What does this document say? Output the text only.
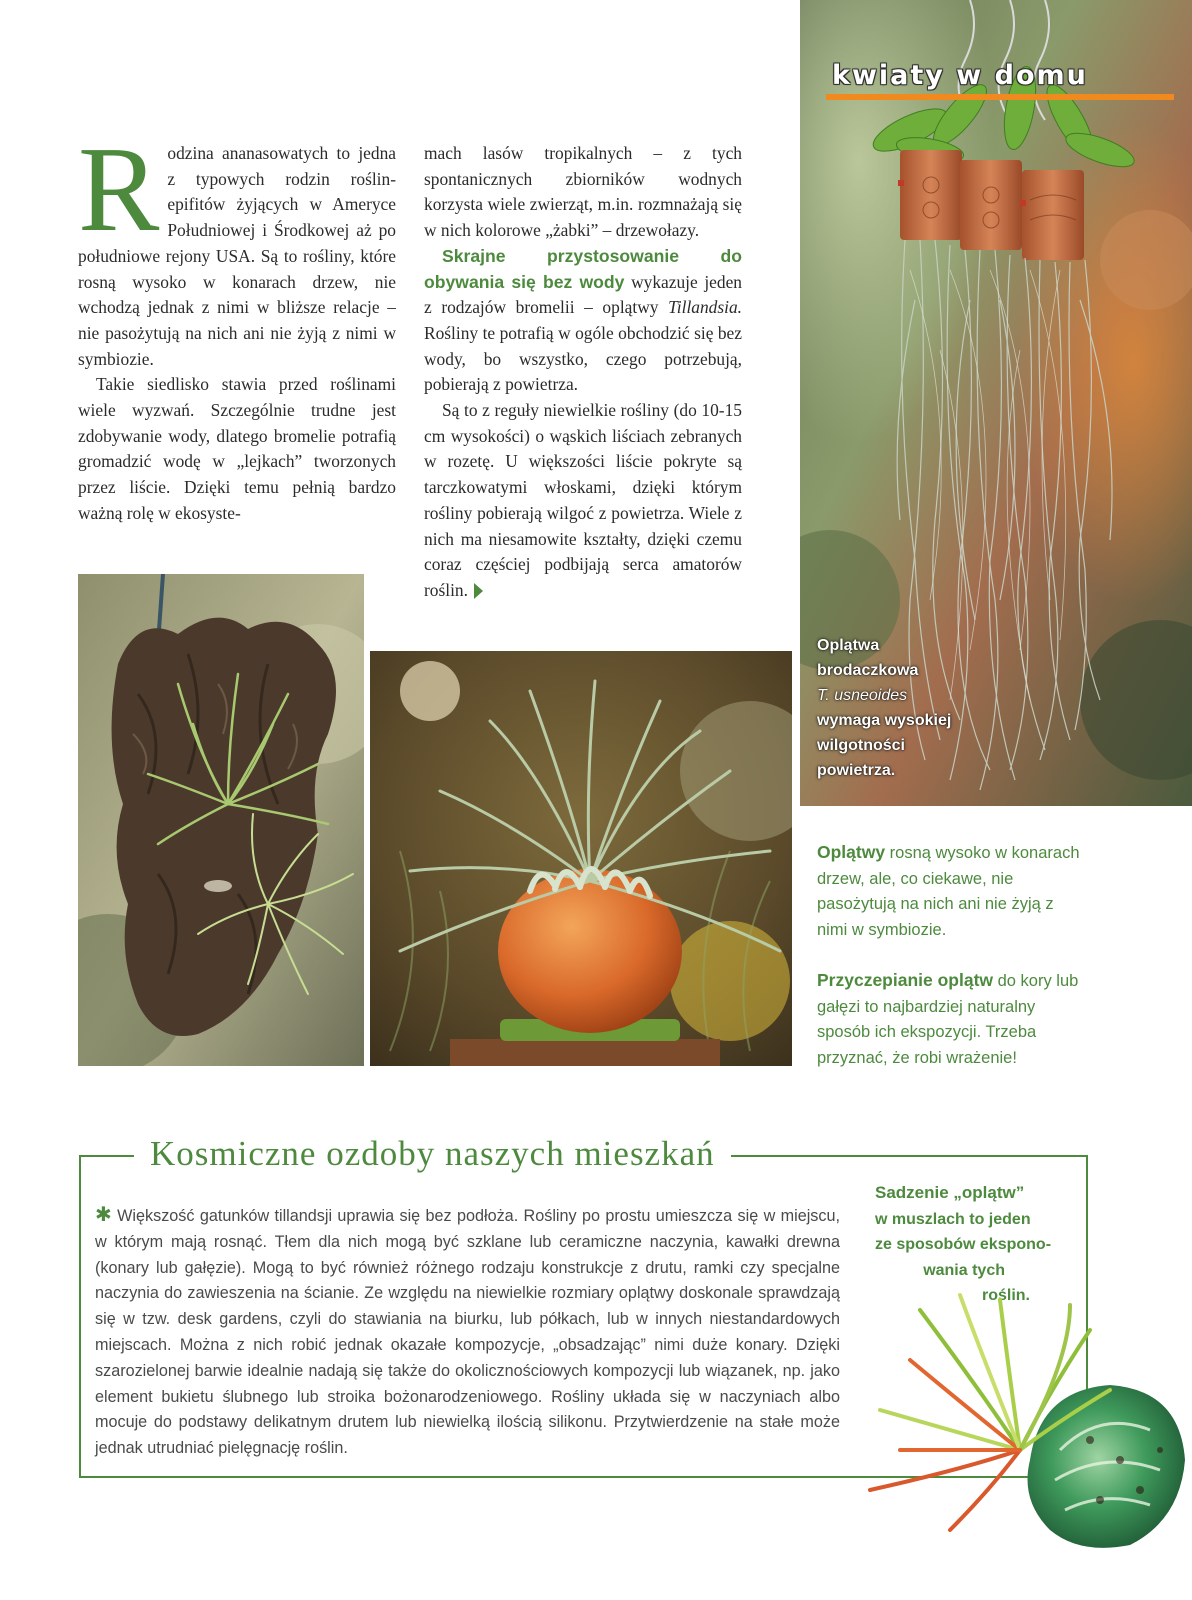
kwiaty w domu
Oplątwa
brodaczkowa
T. usneoides
wymaga wysokiej
wilgotności
powietrza.
R odzina ananasowatych to jedna z typowych rodzin roślin-epifitów żyjących w Ameryce Południowej i Środkowej aż po południowe rejony USA. Są to rośliny, które rosną wysoko w konarach drzew, nie wchodzą jednak z nimi w bliższe relacje – nie pasożytują na nich ani nie żyją z nimi w symbiozie.

Takie siedlisko stawia przed roślinami wiele wyzwań. Szczególnie trudne jest zdobywanie wody, dlatego bromelie potrafią gromadzić wodę w „lejkach” tworzonych przez liście. Dzięki temu pełnią bardzo ważną rolę w ekosyste-

mach lasów tropikalnych – z tych spontanicznych zbiorników wodnych korzysta wiele zwierząt, m.in. rozmnażają się w nich kolorowe „żabki” – drzewołazy.

Skrajne przystosowanie do obywania się bez wody wykazuje jeden z rodzajów bromelii – oplątwy Tillandsia. Rośliny te potrafią w ogóle obchodzić się bez wody, bo wszystko, czego potrzebują, pobierają z powietrza.

Są to z reguły niewielkie rośliny (do 10-15 cm wysokości) o wąskich liściach zebranych w rozetę. U większości liście pokryte są tarczkowatymi włoskami, dzięki którym rośliny pobierają wilgoć z powietrza. Wiele z nich ma niesamowite kształty, dzięki czemu coraz częściej podbijają serca amatorów roślin.

Oplątwy rosną wysoko w konarach drzew, ale, co ciekawe, nie pasożytują na nich ani nie żyją z nimi w symbiozie.

Przyczepianie oplątw do kory lub gałęzi to najbardziej naturalny sposób ich ekspozycji. Trzeba przyznać, że robi wrażenie!

Kosmiczne ozdoby naszych mieszkań
✱ Większość gatunków tillandsji uprawia się bez podłoża. Rośliny po prostu umieszcza się w miejscu, w którym mają rosnąć. Tłem dla nich mogą być szklane lub ceramiczne naczynia, kawałki drewna (konary lub gałęzie). Mogą to być również różnego rodzaju konstrukcje z drutu, ramki czy specjalne naczynia do zawieszenia na ścianie. Ze względu na niewielkie rozmiary oplątwy doskonale sprawdzają się w tzw. desk gardens, czyli do stawiania na biurku, lub półkach, lub w innych niestandardowych miejscach. Można z nich robić jednak okazałe kompozycje, „obsadzając” nimi duże konary. Dzięki szarozielonej barwie idealnie nadają się także do okolicznościowych kompozycji lub wiązanek, np. jako element bukietu ślubnego lub stroika bożonarodzeniowego. Rośliny układa się w naczyniach albo mocuje do podstawy delikatnym drutem lub niewielką ilością silikonu. Przytwierdzenie na stałe może jednak utrudniać pielęgnację roślin.
Sadzenie „oplątw”
w muszlach to jeden
ze sposobów ekspono-
wania tych
roślin.
